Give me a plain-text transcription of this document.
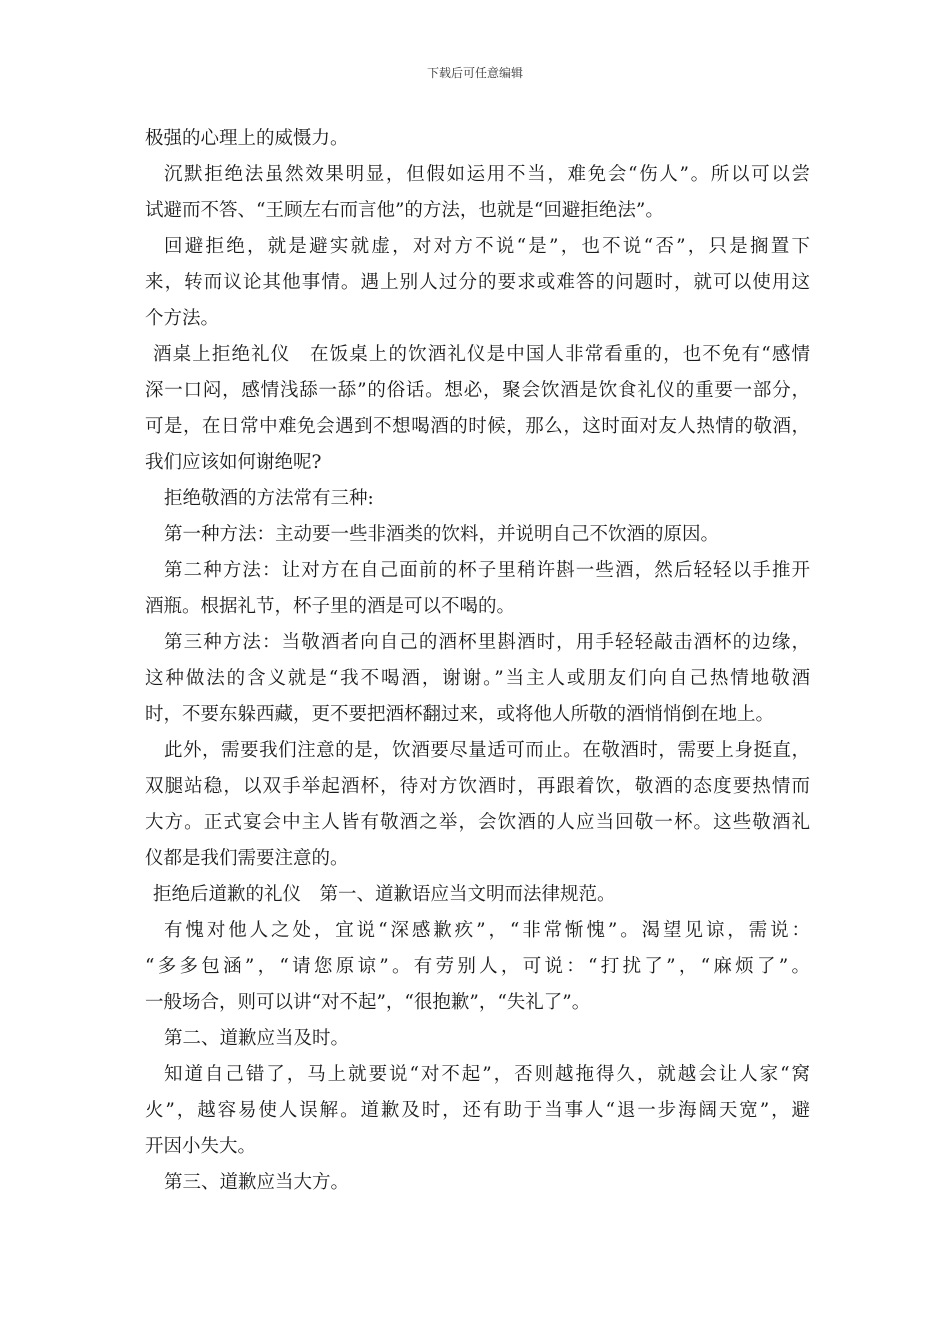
下载后可任意编辑
极强的心理上的威慑力。
沉默拒绝法虽然效果明显，但假如运用不当，难免会“伤人”。所以可以尝
试避而不答、“王顾左右而言他”的方法，也就是“回避拒绝法”。
回避拒绝，就是避实就虚，对对方不说“是”，也不说“否”，只是搁置下
来，转而议论其他事情。遇上别人过分的要求或难答的问题时，就可以使用这
个方法。
酒桌上拒绝礼仪　在饭桌上的饮酒礼仪是中国人非常看重的，也不免有“感情
深一口闷，感情浅舔一舔”的俗话。想必，聚会饮酒是饮食礼仪的重要一部分，
可是，在日常中难免会遇到不想喝酒的时候，那么，这时面对友人热情的敬酒，
我们应该如何谢绝呢?
拒绝敬酒的方法常有三种:
第一种方法：主动要一些非酒类的饮料，并说明自己不饮酒的原因。
第二种方法：让对方在自己面前的杯子里稍许斟一些酒，然后轻轻以手推开
酒瓶。根据礼节，杯子里的酒是可以不喝的。
第三种方法：当敬酒者向自己的酒杯里斟酒时，用手轻轻敲击酒杯的边缘，
这种做法的含义就是“我不喝酒，谢谢。”当主人或朋友们向自己热情地敬酒
时，不要东躲西藏，更不要把酒杯翻过来，或将他人所敬的酒悄悄倒在地上。
此外，需要我们注意的是，饮酒要尽量适可而止。在敬酒时，需要上身挺直，
双腿站稳，以双手举起酒杯，待对方饮酒时，再跟着饮，敬酒的态度要热情而
大方。正式宴会中主人皆有敬酒之举，会饮酒的人应当回敬一杯。这些敬酒礼
仪都是我们需要注意的。
拒绝后道歉的礼仪　第一、道歉语应当文明而法律规范。
有愧对他人之处，宜说“深感歉疚”，“非常惭愧”。渴望见谅，需说：
“多多包涵”，“请您原谅”。有劳别人，可说：“打扰了”，“麻烦了”。
一般场合，则可以讲“对不起”，“很抱歉”，“失礼了”。
第二、道歉应当及时。
知道自己错了，马上就要说“对不起”，否则越拖得久，就越会让人家“窝
火”，越容易使人误解。道歉及时，还有助于当事人“退一步海阔天宽”，避
开因小失大。
第三、道歉应当大方。
